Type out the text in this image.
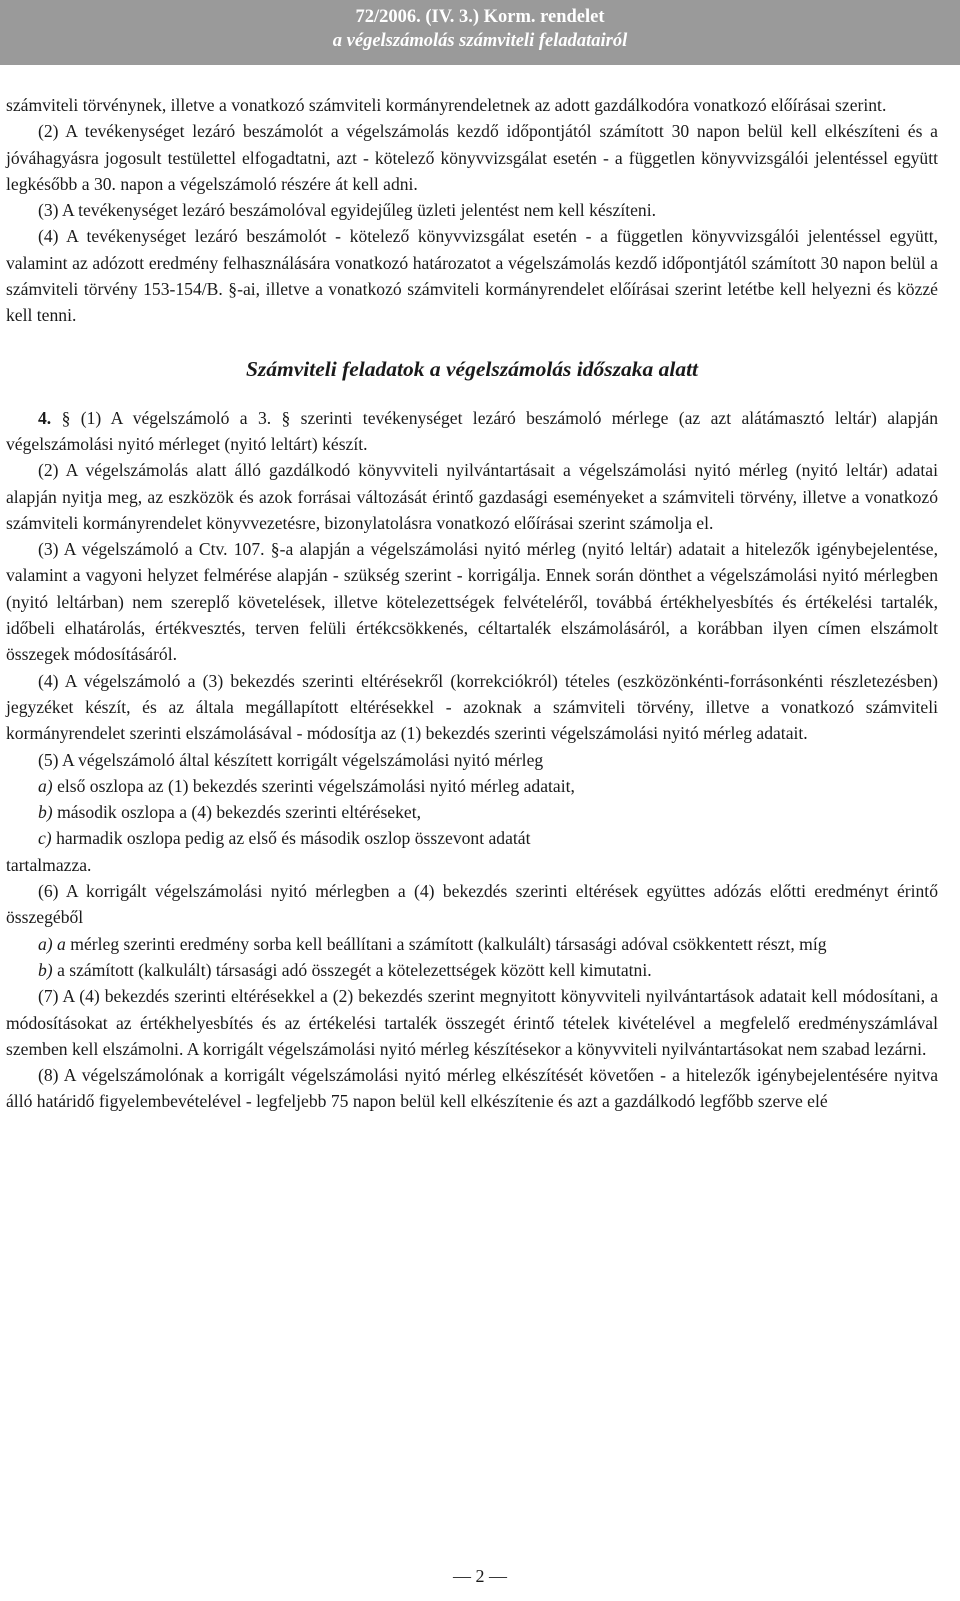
72/2006. (IV. 3.) Korm. rendelet
a végelszámolás számviteli feladatairól

számviteli törvénynek, illetve a vonatkozó számviteli kormányrendeletnek az adott gazdálkodóra vonatkozó előírásai szerint.

(2) A tevékenységet lezáró beszámolót a végelszámolás kezdő időpontjától számított 30 napon belül kell elkészíteni és a jóváhagyásra jogosult testülettel elfogadtatni, azt - kötelező könyvvizsgálat esetén - a független könyvvizsgálói jelentéssel együtt legkésőbb a 30. napon a végelszámoló részére át kell adni.

(3) A tevékenységet lezáró beszámolóval egyidejűleg üzleti jelentést nem kell készíteni.

(4) A tevékenységet lezáró beszámolót - kötelező könyvvizsgálat esetén - a független könyvvizsgálói jelentéssel együtt, valamint az adózott eredmény felhasználására vonatkozó határozatot a végelszámolás kezdő időpontjától számított 30 napon belül a számviteli törvény 153-154/B. §-ai, illetve a vonatkozó számviteli kormányrendelet előírásai szerint letétbe kell helyezni és közzé kell tenni.

Számviteli feladatok a végelszámolás időszaka alatt

4. § (1) A végelszámoló a 3. § szerinti tevékenységet lezáró beszámoló mérlege (az azt alátámasztó leltár) alapján végelszámolási nyitó mérleget (nyitó leltárt) készít.

(2) A végelszámolás alatt álló gazdálkodó könyvviteli nyilvántartásait a végelszámolási nyitó mérleg (nyitó leltár) adatai alapján nyitja meg, az eszközök és azok forrásai változását érintő gazdasági eseményeket a számviteli törvény, illetve a vonatkozó számviteli kormányrendelet könyvvezetésre, bizonylatolásra vonatkozó előírásai szerint számolja el.

(3) A végelszámoló a Ctv. 107. §-a alapján a végelszámolási nyitó mérleg (nyitó leltár) adatait a hitelezők igénybejelentése, valamint a vagyoni helyzet felmérése alapján - szükség szerint - korrigálja. Ennek során dönthet a végelszámolási nyitó mérlegben (nyitó leltárban) nem szereplő követelések, illetve kötelezettségek felvételéről, továbbá értékhelyesbítés és értékelési tartalék, időbeli elhatárolás, értékvesztés, terven felüli értékcsökkenés, céltartalék elszámolásáról, a korábban ilyen címen elszámolt összegek módosításáról.

(4) A végelszámoló a (3) bekezdés szerinti eltérésekről (korrekciókról) tételes (eszközönkénti-forrásonkénti részletezésben) jegyzéket készít, és az általa megállapított eltérésekkel - azoknak a számviteli törvény, illetve a vonatkozó számviteli kormányrendelet szerinti elszámolásával - módosítja az (1) bekezdés szerinti végelszámolási nyitó mérleg adatait.

(5) A végelszámoló által készített korrigált végelszámolási nyitó mérleg

a) első oszlopa az (1) bekezdés szerinti végelszámolási nyitó mérleg adatait,

b) második oszlopa a (4) bekezdés szerinti eltéréseket,

c) harmadik oszlopa pedig az első és második oszlop összevont adatát

tartalmazza.

(6) A korrigált végelszámolási nyitó mérlegben a (4) bekezdés szerinti eltérések együttes adózás előtti eredményt érintő összegéből

a) a mérleg szerinti eredmény sorba kell beállítani a számított (kalkulált) társasági adóval csökkentett részt, míg

b) a számított (kalkulált) társasági adó összegét a kötelezettségek között kell kimutatni.

(7) A (4) bekezdés szerinti eltérésekkel a (2) bekezdés szerint megnyitott könyvviteli nyilvántartások adatait kell módosítani, a módosításokat az értékhelyesbítés és az értékelési tartalék összegét érintő tételek kivételével a megfelelő eredményszámlával szemben kell elszámolni. A korrigált végelszámolási nyitó mérleg készítésekor a könyvviteli nyilvántartásokat nem szabad lezárni.

(8) A végelszámolónak a korrigált végelszámolási nyitó mérleg elkészítését követően - a hitelezők igénybejelentésére nyitva álló határidő figyelembevételével - legfeljebb 75 napon belül kell elkészítenie és azt a gazdálkodó legfőbb szerve elé

— 2 —
